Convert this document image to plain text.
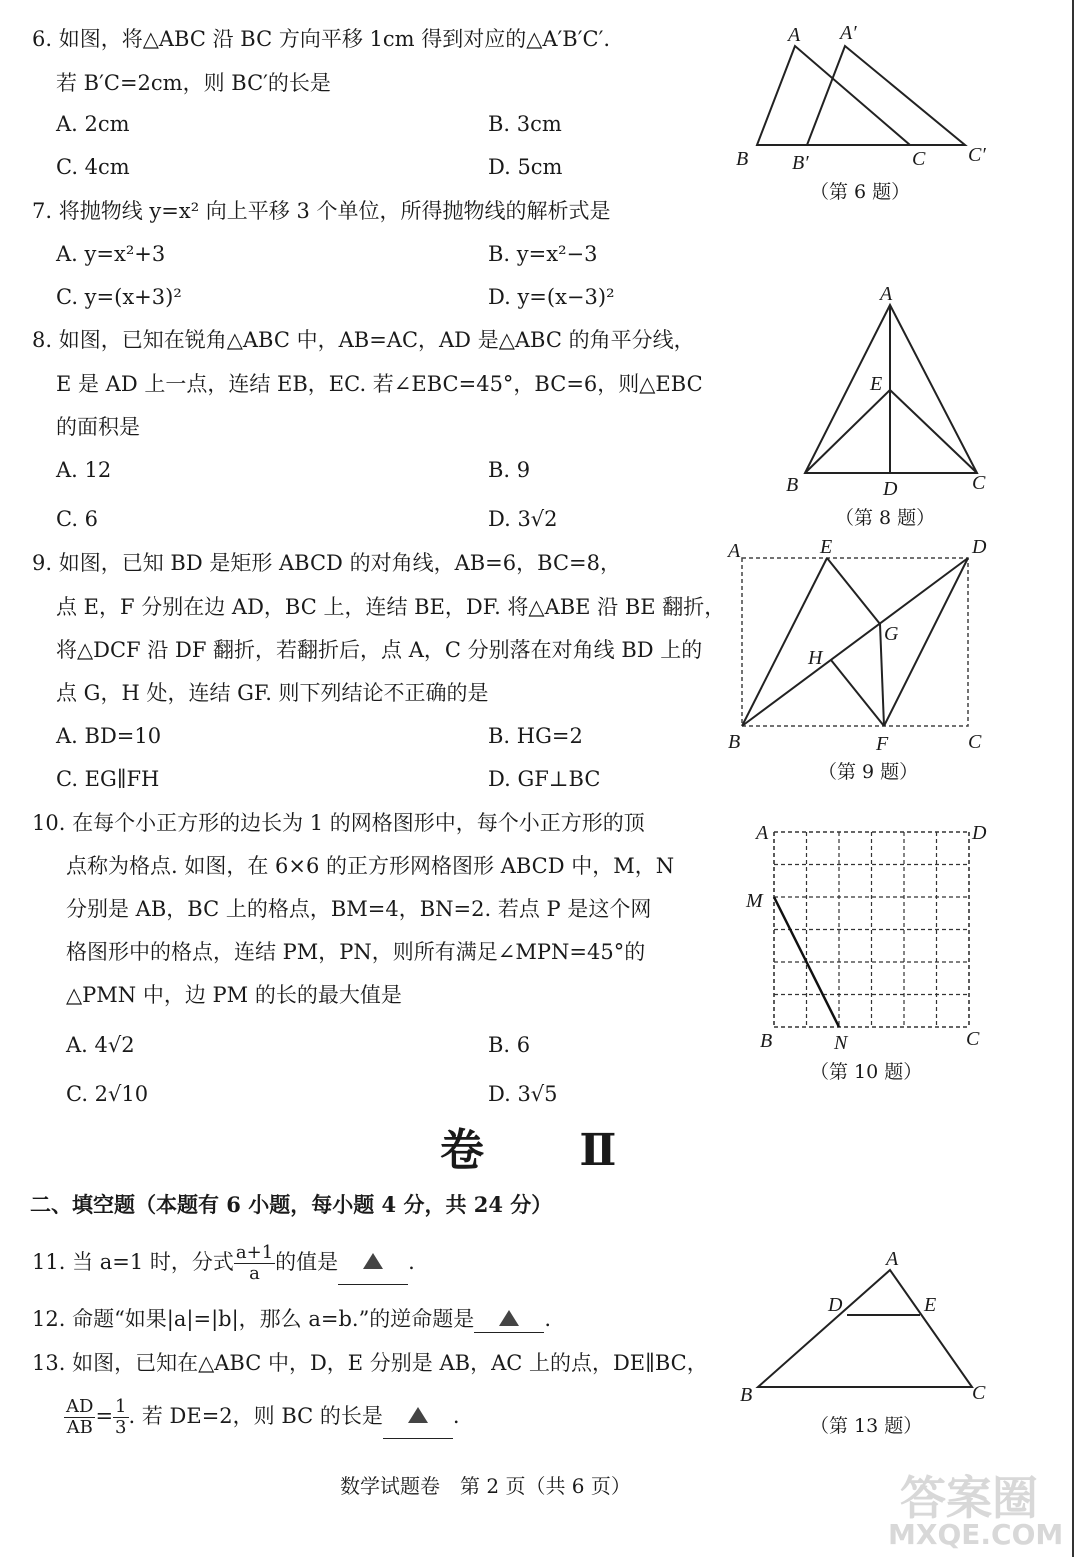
6. 如图，将△ABC 沿 BC 方向平移 1cm 得到对应的△A′B′C′.
若 B′C=2cm，则 BC′的长是
A. 2cm	B. 3cm
C. 4cm	D. 5cm
A A′
B B′	C C′
（第 6 题）
7. 将抛物线 y=x² 向上平移 3 个单位，所得抛物线的解析式是
A. y=x²+3	B. y=x²−3
C. y=(x+3)²	D. y=(x−3)²
8. 如图，已知在锐角△ABC 中，AB=AC，AD 是△ABC 的角平分线，
E 是 AD 上一点，连结 EB，EC. 若∠EBC=45°，BC=6，则△EBC
的面积是
A. 12	B. 9
C. 6	D. 3√2
A
E
B	D	C
（第 8 题）
9. 如图，已知 BD 是矩形 ABCD 的对角线，AB=6，BC=8，
点 E，F 分别在边 AD，BC 上，连结 BE，DF. 将△ABE 沿 BE 翻折，
将△DCF 沿 DF 翻折，若翻折后，点 A，C 分别落在对角线 BD 上的
点 G，H 处，连结 GF. 则下列结论不正确的是
A. BD=10	B. HG=2
C. EG∥FH	D. GF⊥BC
A	E	D
G
H
B	F	C
（第 9 题）
10. 在每个小正方形的边长为 1 的网格图形中，每个小正方形的顶
点称为格点. 如图，在 6×6 的正方形网格图形 ABCD 中，M，N
分别是 AB，BC 上的格点，BM=4，BN=2. 若点 P 是这个网
格图形中的格点，连结 PM，PN，则所有满足∠MPN=45°的
△PMN 中，边 PM 的长的最大值是
A. 4√2	B. 6
C. 2√10	D. 3√5
A	D
M
B	N	C
（第 10 题）
卷 Ⅱ
二、填空题（本题有 6 小题，每小题 4 分，共 24 分）
11. 当 a=1 时，分式 $\frac{a+1}{a}$ 的值是	.
12. 命题“如果|a|=|b|，那么 a=b.”的逆命题是	.
13. 如图，已知在△ABC 中，D，E 分别是 AB，AC 上的点，DE∥BC，
$\frac{AD}{AB} = \frac{1}{3}$ . 若 DE=2，则 BC 的长是	.
A
D	E
B	C
（第 13 题）
数学试题卷　第 2 页（共 6 页）	答案圈
MXQE.COM
